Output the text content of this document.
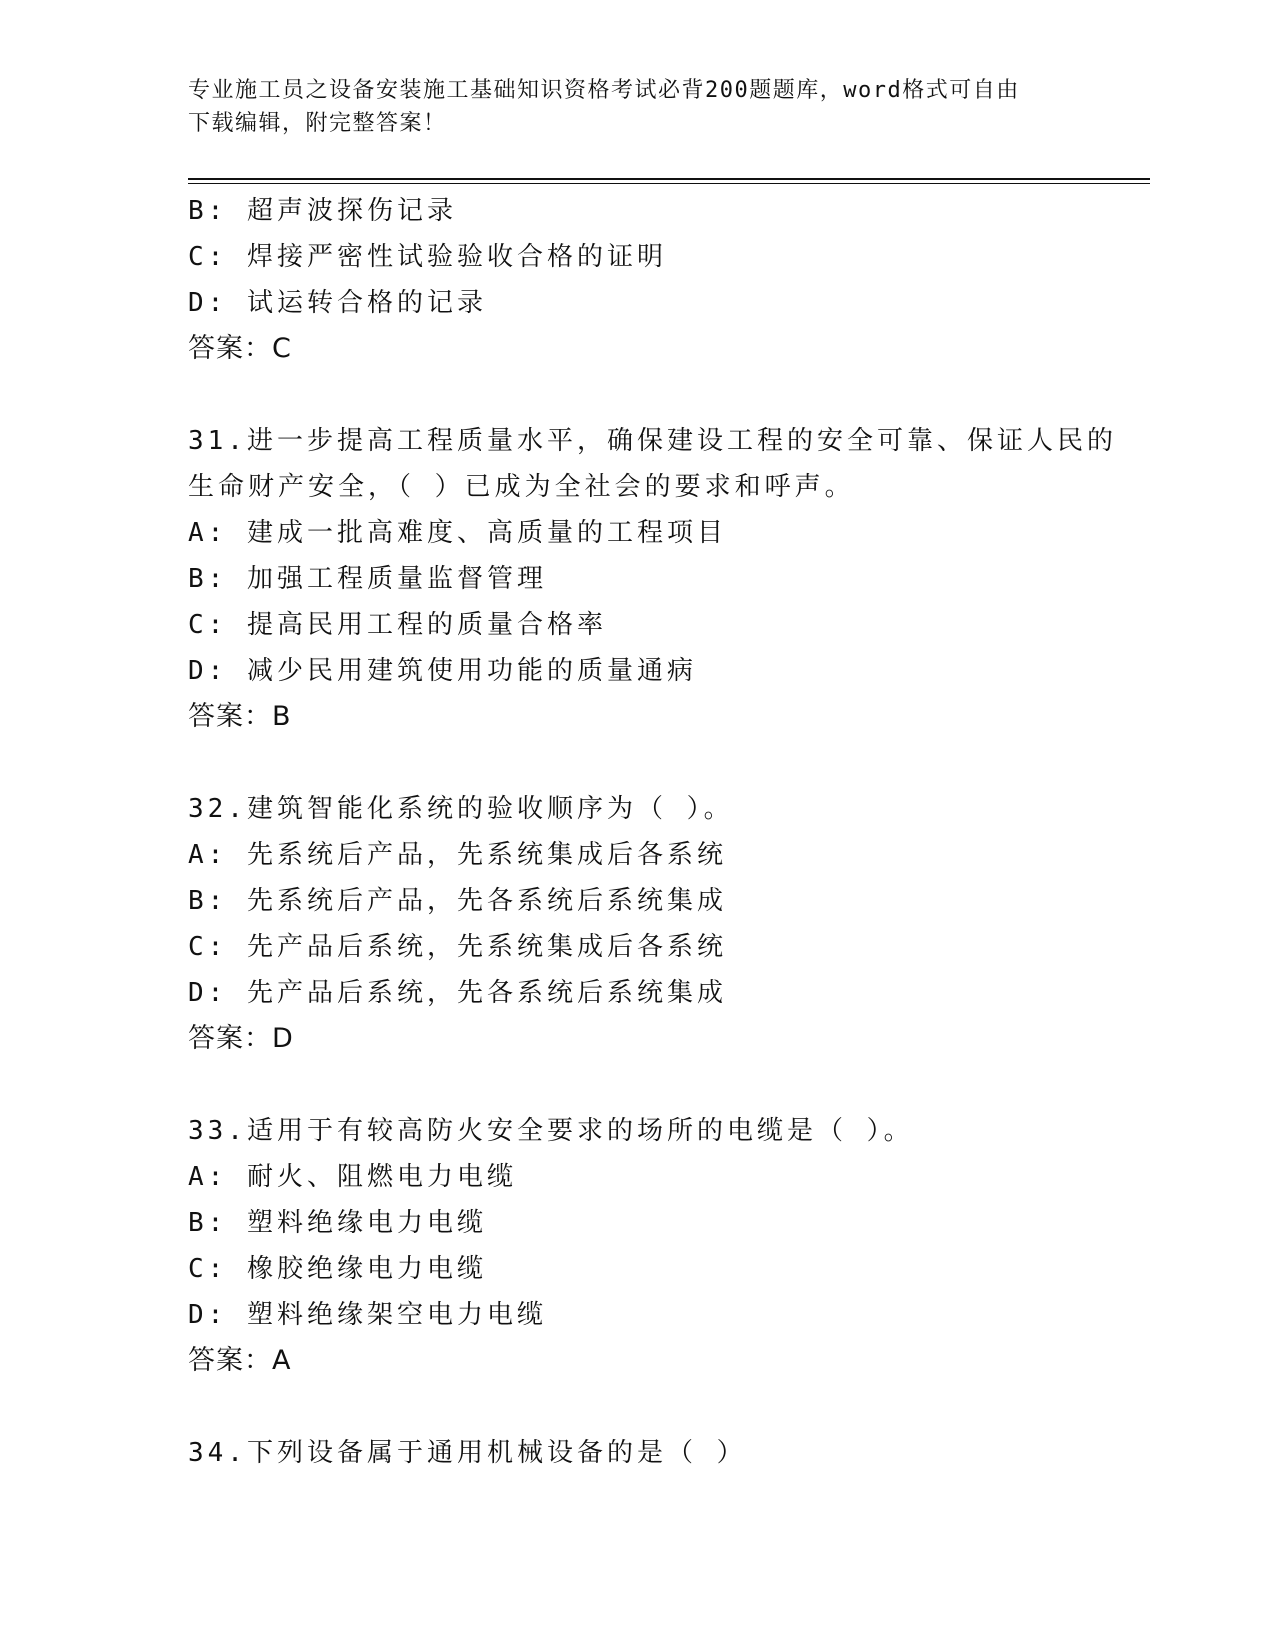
专业施工员之设备安装施工基础知识资格考试必背200题题库，word格式可自由
下载编辑，附完整答案！
B: 超声波探伤记录
C: 焊接严密性试验验收合格的证明
D: 试运转合格的记录
答案：C
31.进一步提高工程质量水平，确保建设工程的安全可靠、保证人民的
生命财产安全，（ ）已成为全社会的要求和呼声。
A: 建成一批高难度、高质量的工程项目
B: 加强工程质量监督管理
C: 提高民用工程的质量合格率
D: 减少民用建筑使用功能的质量通病
答案：B
32.建筑智能化系统的验收顺序为（ ）。
A: 先系统后产品，先系统集成后各系统
B: 先系统后产品，先各系统后系统集成
C: 先产品后系统，先系统集成后各系统
D: 先产品后系统，先各系统后系统集成
答案：D
33.适用于有较高防火安全要求的场所的电缆是（ ）。
A: 耐火、阻燃电力电缆
B: 塑料绝缘电力电缆
C: 橡胶绝缘电力电缆
D: 塑料绝缘架空电力电缆
答案：A
34.下列设备属于通用机械设备的是（ ）
